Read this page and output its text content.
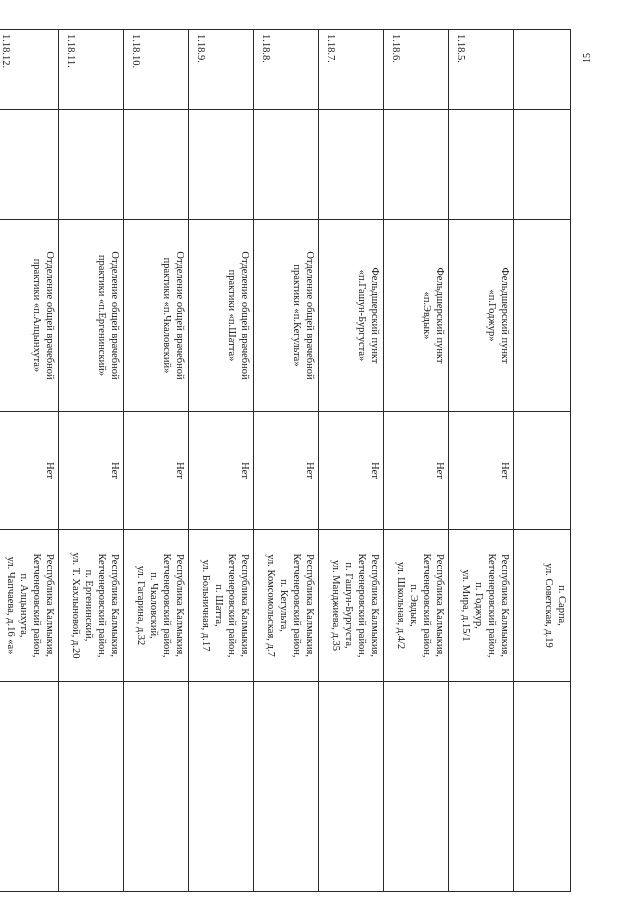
15

				п. Сарпа,
ул. Советская, д.19	

1.18.5.		Фельдшерский пункт
«п.Годжур»	Нет	Республика Калмыкия,
Кетченеровский район,
п. Годжур,
ул. Мира, д.15/1	

1.18.6.		Фельдшерский пункт
«п.Эвдык»	Нет	Республика Калмыкия,
Кетченеровский район,
п. Эвдык,
ул. Школьная, д.4/2	

1.18.7.		Фельдшерский пункт
«п.Гашун-Бургуста»	Нет	Республика Калмыкия,
Кетченеровский район,
п. Гашун-Бургуста,
ул. Манджиева, д.35	

1.18.8.		Отделение общей врачебной
практики «п.Кегульта»	Нет	Республика Калмыкия,
Кетченеровский район,
п. Кегульта,
ул. Комсомольская, д.7	

1.18.9.		Отделение общей врачебной
практики «п.Шатта»	Нет	Республика Калмыкия,
Кетченеровский район,
п. Шатта,
ул. Больничная, д.17	

1.18.10.		Отделение общей врачебной
практики «п.Чкаловский»	Нет	Республика Калмыкия,
Кетченеровский район,
п. Чкаловский,
ул. Гагарина, д.32	

1.18.11.		Отделение общей врачебной
практики «п.Ергенинский»	Нет	Республика Калмыкия,
Кетченеровский район,
п. Ергенинский,
ул. Т. Хахлыновой, д.20	

1.18.12.		Отделение общей врачебной
практики «п.Алцынхута»	Нет	Республика Калмыкия,
Кетченеровский район,
п. Алцынхута,
ул. Чапчаева, д.16 «а»	
